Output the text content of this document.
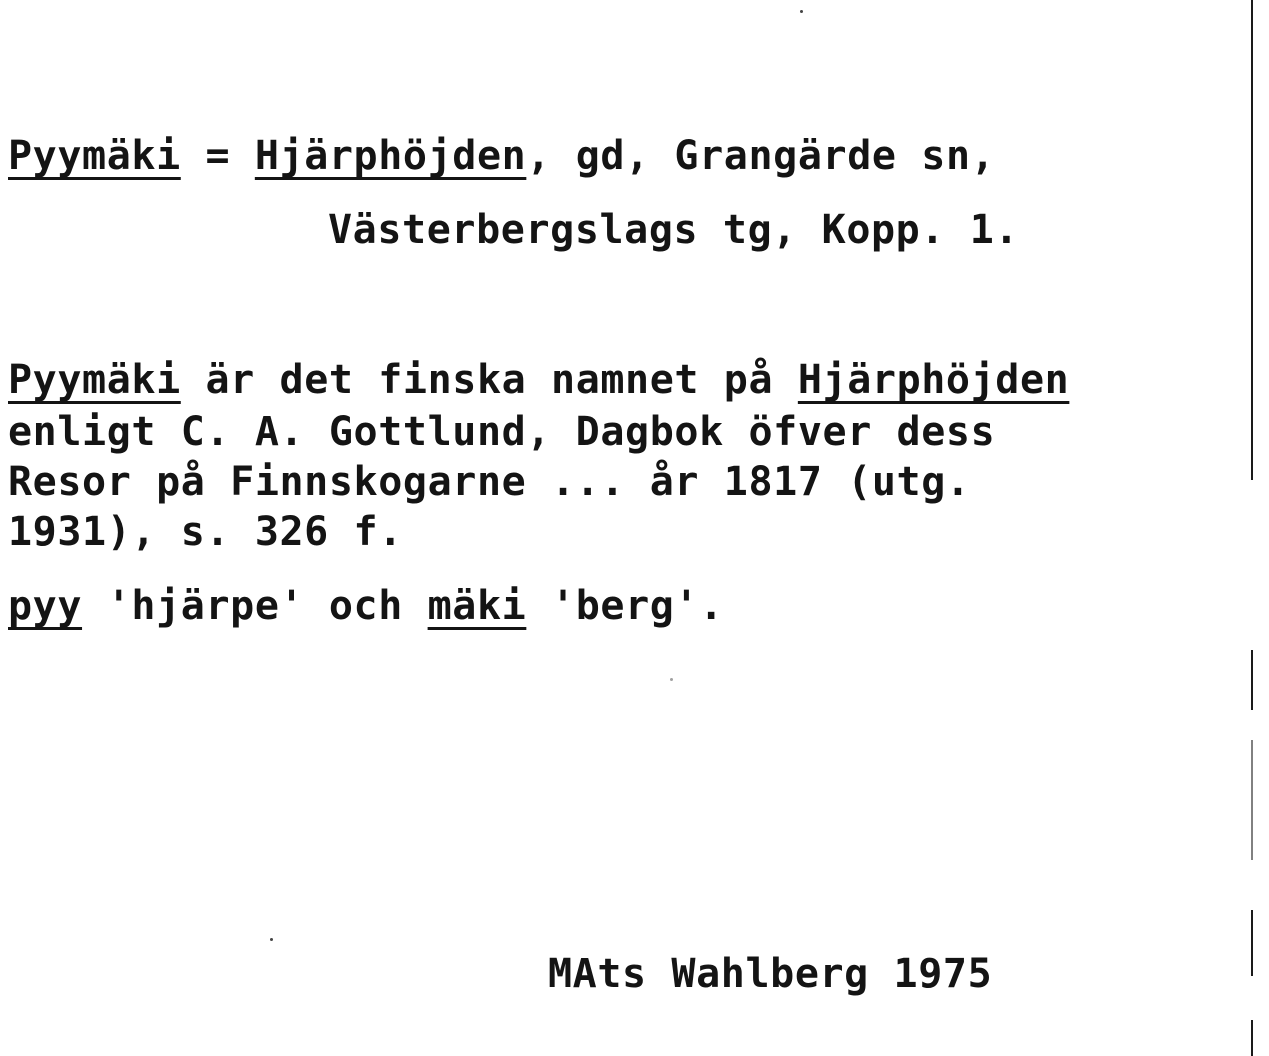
Pyymäki = Hjärphöjden, gd, Grangärde sn,
Västerbergslags tg, Kopp. 1.
Pyymäki är det finska namnet på Hjärphöjden
enligt C. A. Gottlund, Dagbok öfver dess
Resor på Finnskogarne ... år 1817 (utg.
1931), s. 326 f.
pyy 'hjärpe' och mäki 'berg'.
MAts Wahlberg 1975
